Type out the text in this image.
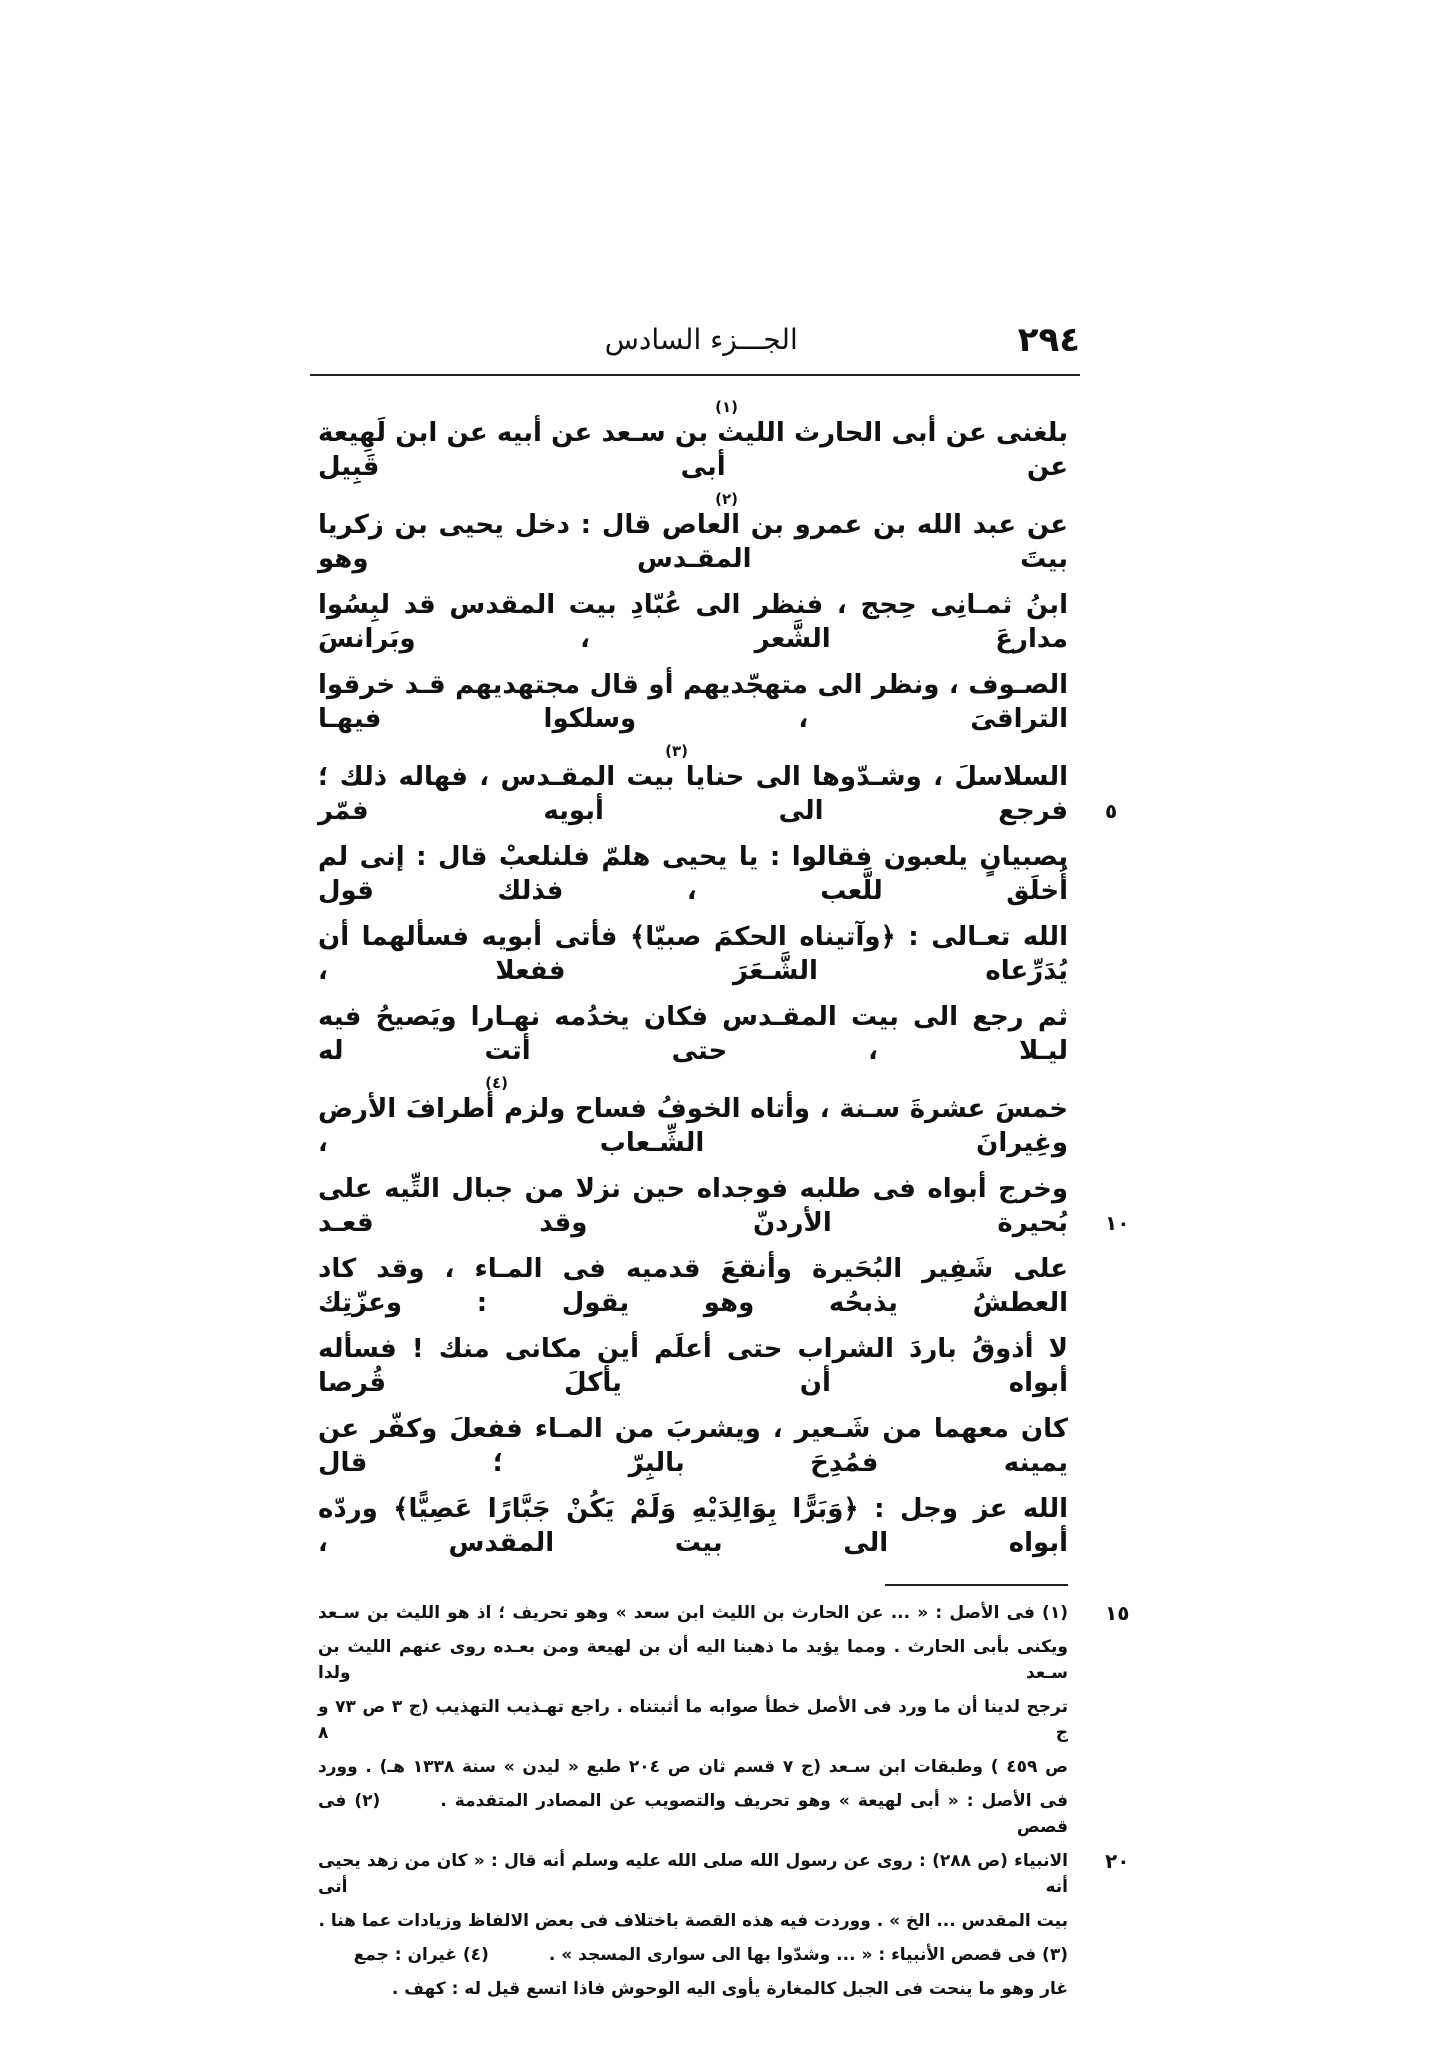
٢٩٤
الجـــزء السادس
(١)
بلغنى عن أبى الحارث الليث بن سـعد عن أبيه عن ابن لَهِيعة عن أبى قَبِيل
(٢)
عن عبد الله بن عمرو بن العاص قال : دخل يحيى بن زكريا بيتَ المقـدس وهو
ابنُ ثمـانِى حِجج ، فنظر الى عُبّادِ بيت المقدس قد لبِسُوا مدارعَ الشَّعر ، وبَرانسَ
الصـوف ، ونظر الى متهجّديهم أو قال مجتهديهم قـد خرقوا التراقىَ ، وسلكوا فيهـا
(٣)
السلاسلَ ، وشـدّوها الى حنايا بيت المقـدس ، فهاله ذلك ؛ فرجع الى أبويه فمّر ٥
بصبيانٍ يلعبون فقالوا : يا يحيى هلمّ فلنلعبْ قال : إنى لم أُخلَق للَّعب ، فذلك قول
الله تعـالى : ﴿وآتيناه الحكمَ صبيّا﴾ فأتى أبويه فسألهما أن يُدَرِّعاه الشَّـعَرَ ففعلا ،
ثم رجع الى بيت المقـدس فكان يخدُمه نهـارا ويَصيحُ فيه ليـلا ، حتى أتت له
(٤)
خمسَ عشرةَ سـنة ، وأتاه الخوفُ فساح ولزم أطرافَ الأرض وغِيرانَ الشِّـعاب ،
وخرج أبواه فى طلبه فوجداه حين نزلا من جبال التِّيه على بُحيرة الأردنّ وقد قعـد ١٠
على شَفِير البُحَيرة وأنقعَ قدميه فى المـاء ، وقد كاد العطشُ يذبحُه وهو يقول : وعزّتِك
لا أذوقُ باردَ الشراب حتى أعلَم أين مكانى منك ! فسأله أبواه أن يأكلَ قُرصا
كان معهما من شَـعير ، ويشربَ من المـاء ففعلَ وكفّر عن يمينه فمُدِحَ بالبِرّ ؛ قال
الله عز وجل : ﴿وَبَرًّا بِوَالِدَيْهِ وَلَمْ يَكُنْ جَبَّارًا عَصِيًّا﴾ وردّه أبواه الى بيت المقدس ،
(١) فى الأصل : « ... عن الحارث بن الليث ابن سعد » وهو تحريف ؛ اذ هو الليث بن سـعد ١٥
ويكنى بأبى الحارث . ومما يؤيد ما ذهبنا اليه أن بن لهيعة ومن بعـده روى عنهم الليث بن سـعد ولدا
ترجح لدينا أن ما ورد فى الأصل خطأ صوابه ما أثبتناه . راجع تهـذيب التهذيب (ج ٣ ص ٧٣ و ج ٨
ص ٤٥٩ ) وطبقات ابن سـعد (ج ٧ قسم ثان ص ٢٠٤ طبع « ليدن » سنة ١٣٣٨ هـ) . وورد
فى الأصل : « أبى لهيعة » وهو تحريف والتصويب عن المصادر المتقدمة .(٢) فى قصص
الانبياء (ص ٢٨٨) : روى عن رسول الله صلى الله عليه وسلم أنه قال : « كان من زهد يحيى أنه أتى
٢٠
بيت المقدس ... الخ » . ووردت فيه هذه القصة باختلاف فى بعض الالفاظ وزيادات عما هنا .
(٣) فى قصص الأنبياء : « ... وشدّوا بها الى سوارى المسجد » .(٤) غيران : جمع
غار وهو ما ينحت فى الجبل كالمغارة يأوى اليه الوحوش فاذا اتسع قيل له : كهف .
